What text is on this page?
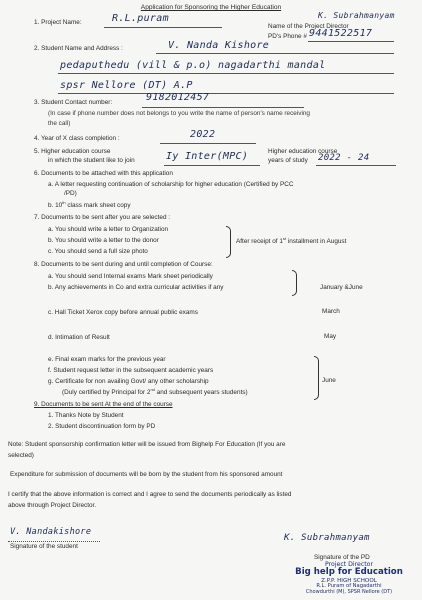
Application for Sponsoring the Higher Education
1. Project Name:	R.L.puram	K. Subrahmanyam
Name of the Project Director
PD's Phone # 9441522517
2. Student Name and Address :	V. Nanda Kishore
pedaputhedu (vill & p.o) nagadarthi mandal
spsr Nellore (DT) A.P
3. Student Contact number:	9182012457
(In case if phone number does not belongs to you write the name of person's name receiving
the call)
4. Year of X class completion :	2022
5. Higher education course
in which the student like to join	Iy Inter(MPC)	Higher education course
years of study 2022 - 24
6. Documents to be attached with this application
a. A letter requesting continuation of scholarship for higher education (Certified by PCC
/PD)
b. 10th class mark sheet copy
7. Documents to be sent after you are selected :
a. You should write a letter to Organization
b. You should write a letter to the donor
c. You should send a full size photo
After receipt of 1st installment in August
8. Documents to be sent during and until completion of Course:
a. You should send Internal exams Mark sheet periodically
b. Any achievements in Co and extra curricular activities if any	January &June
c. Hall Ticket Xerox copy before annual public exams	March
d. Intimation of Result	May
e. Final exam marks for the previous year
f. Student request letter in the subsequent academic years
g. Certificate for non availing Govt/ any other scholarship
(Duly certified by Principal for 2nd and subsequent years students)
June
9. Documents to be sent At the end of the course
1. Thanks Note by Student
2. Student discontinuation form by PD
Note: Student sponsorship confirmation letter will be issued from Bighelp For Education (If you are
selected)
Expenditure for submission of documents will be born by the student from his sponsored amount
I certify that the above information is correct and I agree to send the documents periodically as listed
above through Project Director.
V. Nandakishore
Signature of the student
K. Subrahmanyam
Signature of the PD
Project Director
Big help for Education
Z.P.P. HIGH SCHOOL
R.L. Puram of Nagadarthi
Chowdurthi (M), SPSR Nellore (DT)
